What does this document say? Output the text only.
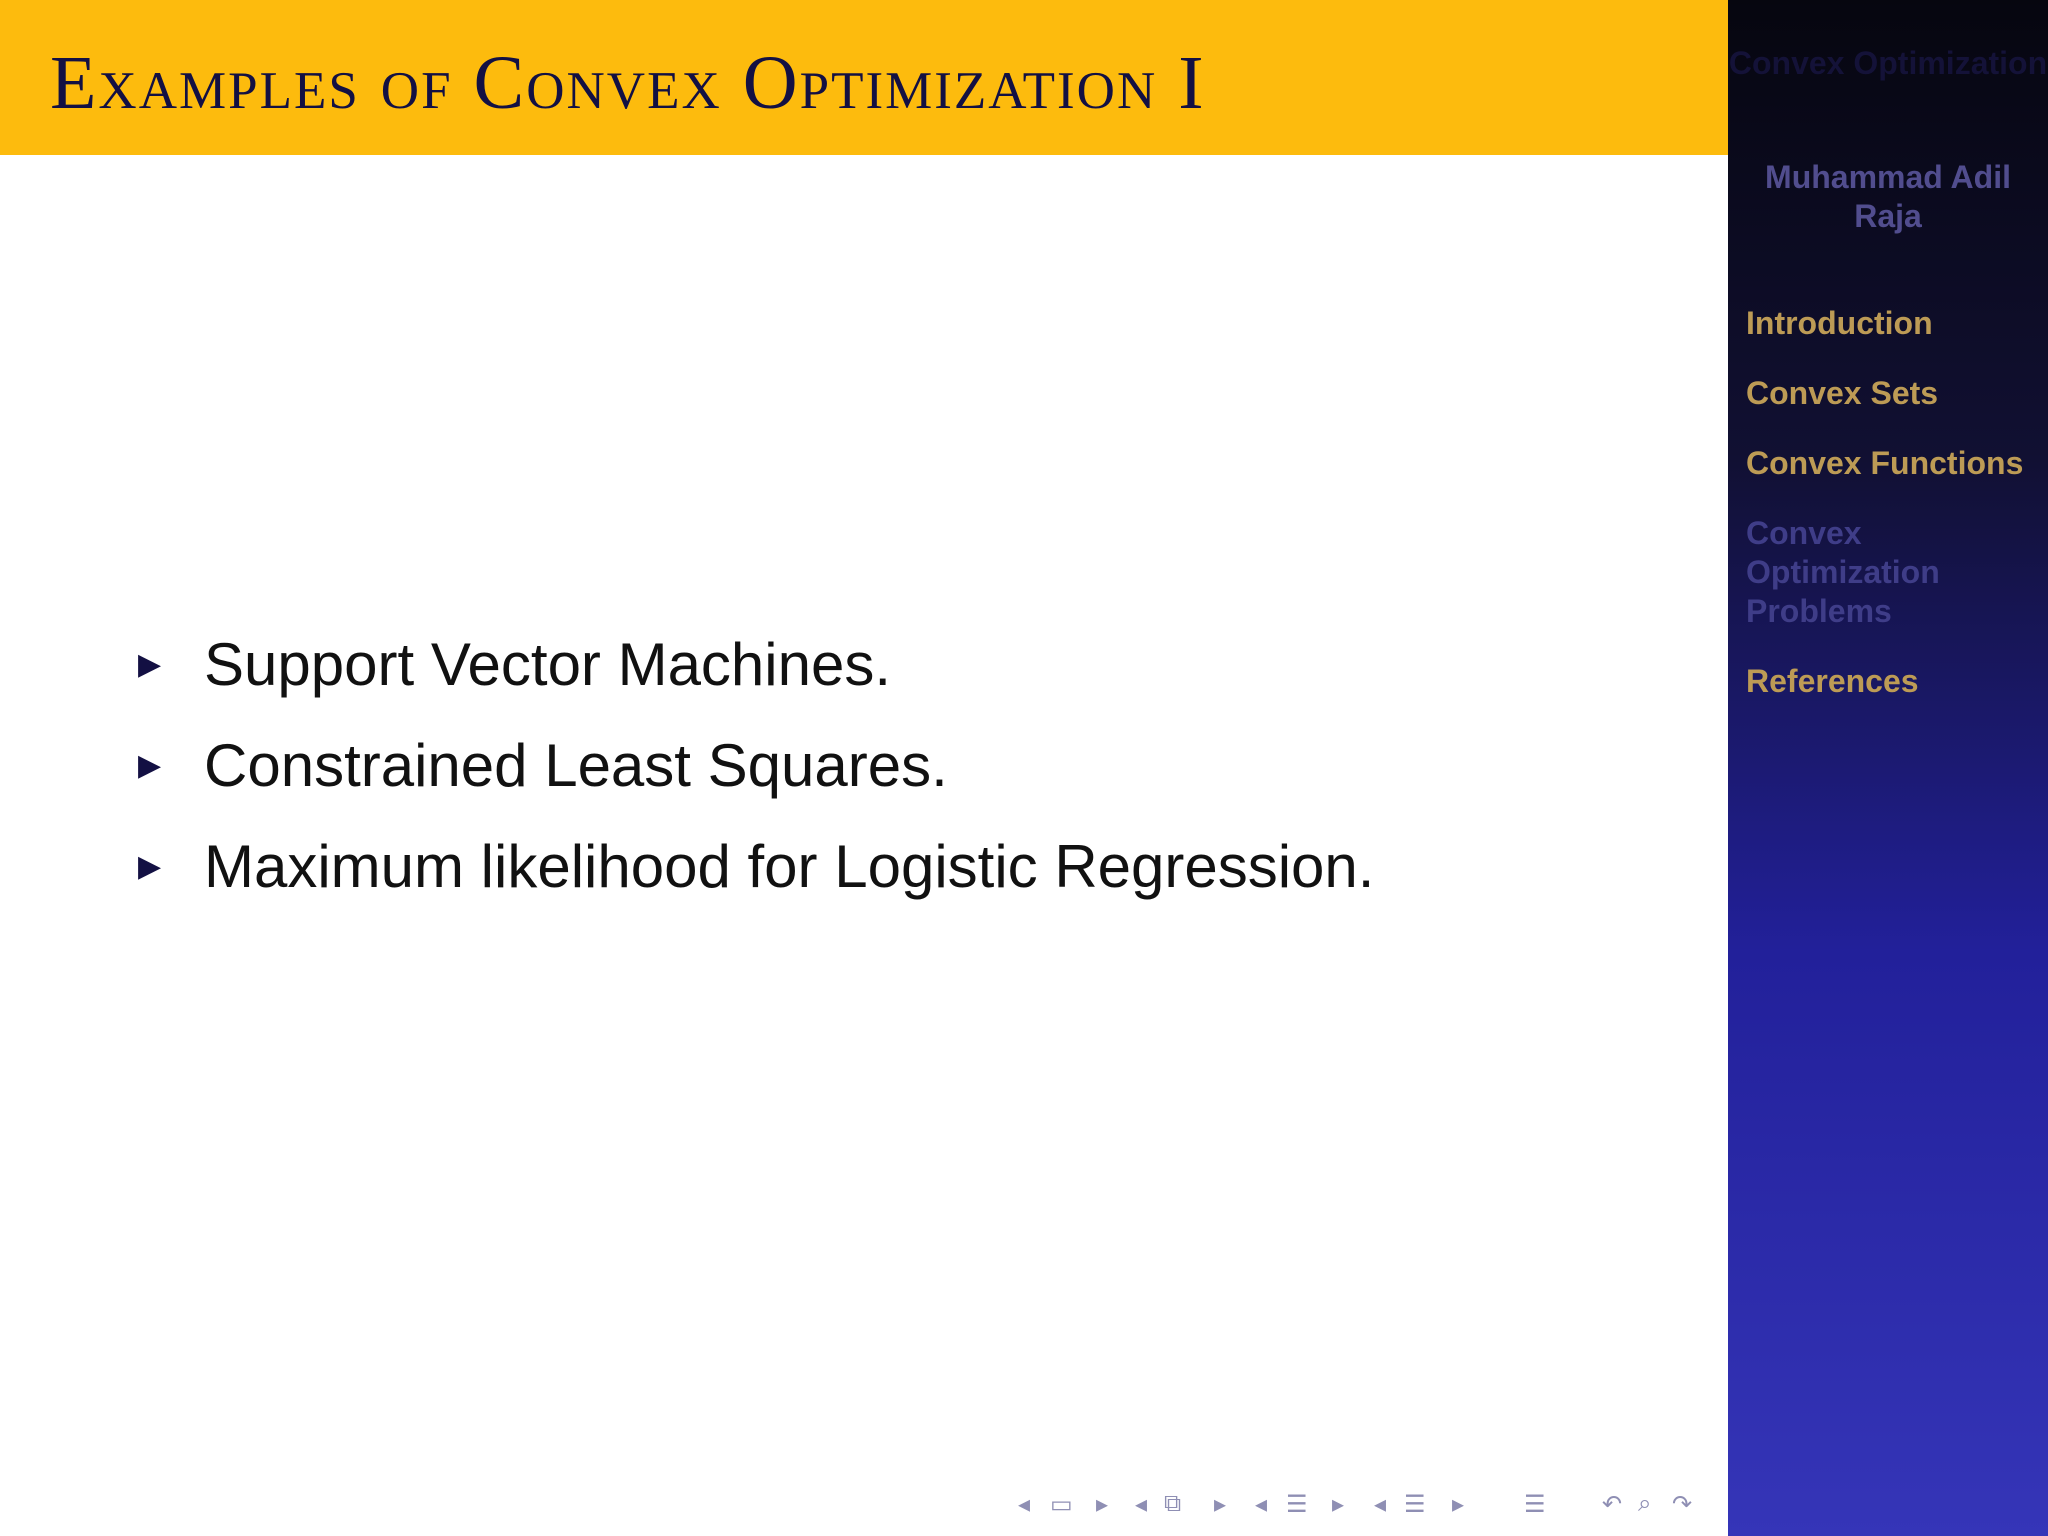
Examples of Convex Optimization I
▶ Support Vector Machines.
▶ Constrained Least Squares.
▶ Maximum likelihood for Logistic Regression.
◂ ▭ ▸ ◂ ⧉ ▸ ◂ ☰ ▸ ◂ ☰ ▸ ☰ ↶ ⌕ ↷
Convex Optimization
Muhammad Adil Raja
Introduction
Convex Sets
Convex Functions
Convex Optimization Problems
References
